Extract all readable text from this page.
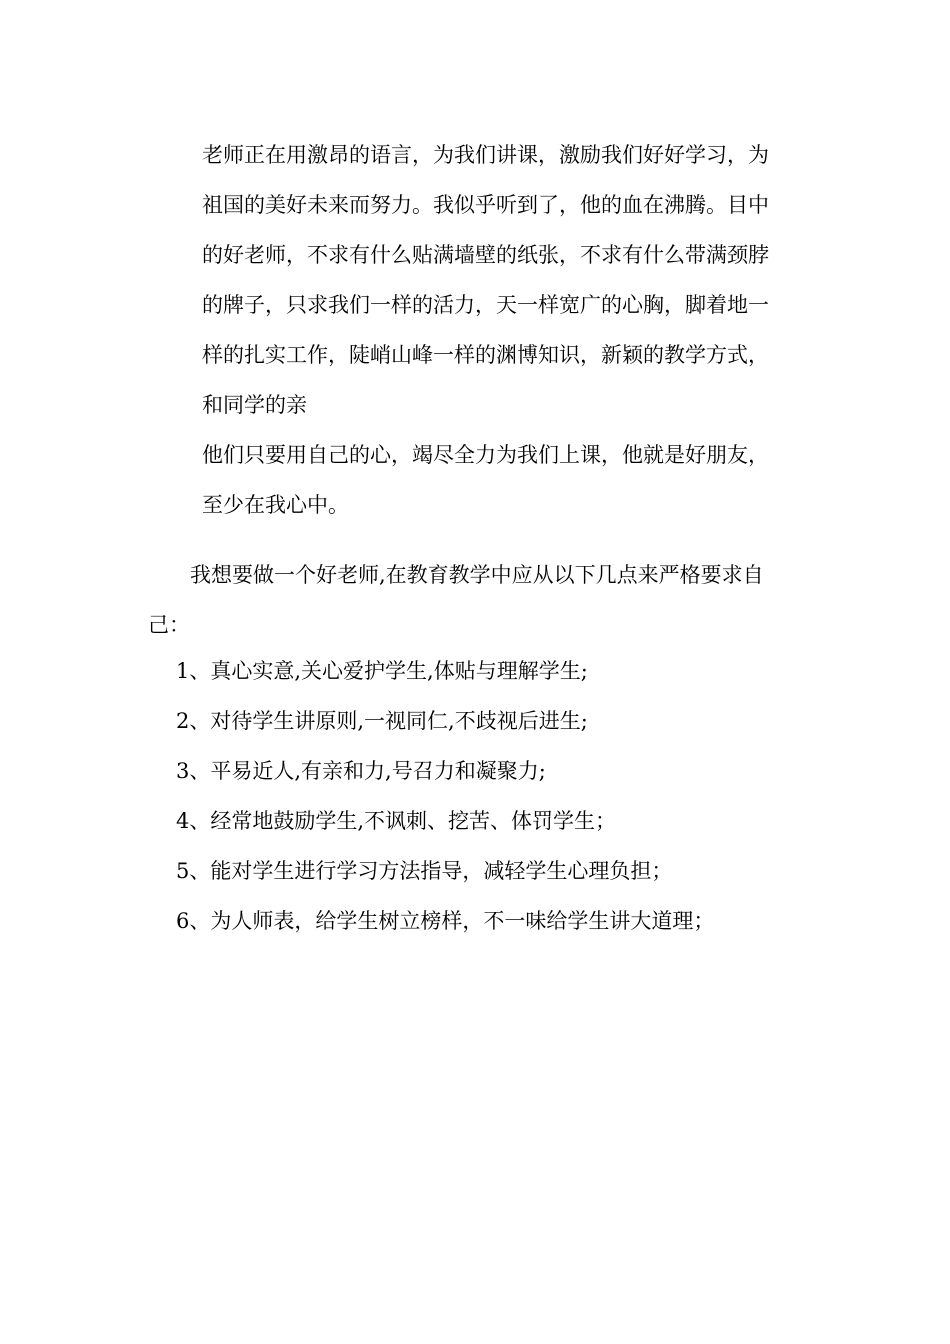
老师正在用激昂的语言，为我们讲课，激励我们好好学习，为
祖国的美好未来而努力。我似乎听到了，他的血在沸腾。目中
的好老师，不求有什么贴满墙壁的纸张，不求有什么带满颈脖
的牌子，只求我们一样的活力，天一样宽广的心胸，脚着地一
样的扎实工作，陡峭山峰一样的渊博知识，新颖的教学方式，
和同学的亲
他们只要用自己的心，竭尽全力为我们上课，他就是好朋友，
至少在我心中。
我想要做一个好老师,在教育教学中应从以下几点来严格要求自
己：
1、真心实意,关心爱护学生,体贴与理解学生;
2、对待学生讲原则,一视同仁,不歧视后进生;
3、平易近人,有亲和力,号召力和凝聚力;
4、经常地鼓励学生,不讽刺、挖苦、体罚学生；
5、能对学生进行学习方法指导，减轻学生心理负担；
6、为人师表，给学生树立榜样，不一味给学生讲大道理；
